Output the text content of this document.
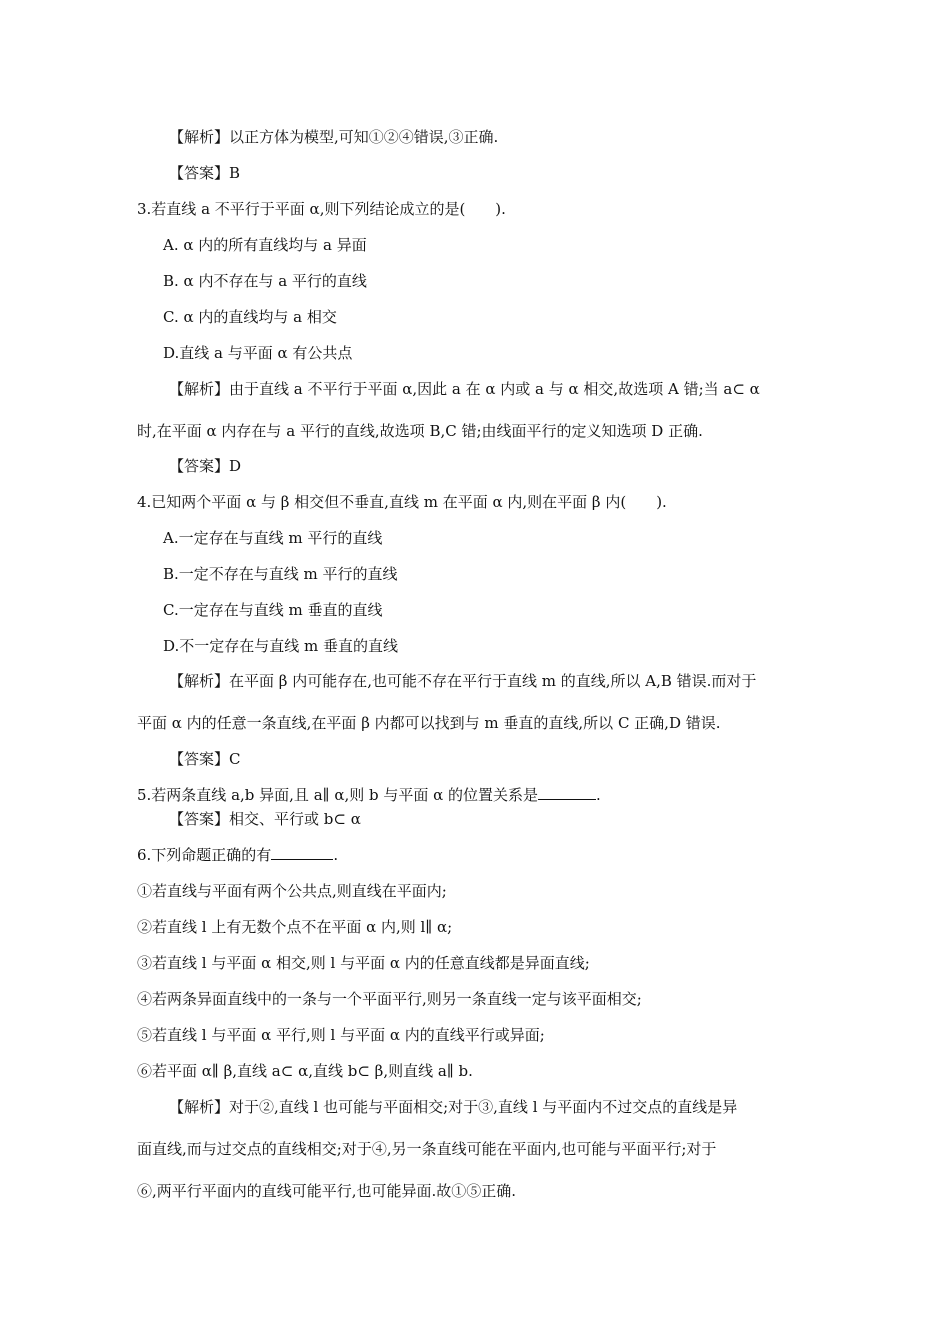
【解析】以正方体为模型,可知①②④错误,③正确.
【答案】B
3.若直线 a 不平行于平面 α,则下列结论成立的是(　　).
A. α 内的所有直线均与 a 异面
B. α 内不存在与 a 平行的直线
C. α 内的直线均与 a 相交
D.直线 a 与平面 α 有公共点
【解析】由于直线 a 不平行于平面 α,因此 a 在 α 内或 a 与 α 相交,故选项 A 错;当 a⊂ α
时,在平面 α 内存在与 a 平行的直线,故选项 B,C 错;由线面平行的定义知选项 D 正确.
【答案】D
4.已知两个平面 α 与 β 相交但不垂直,直线 m 在平面 α 内,则在平面 β 内(　　).
A.一定存在与直线 m 平行的直线
B.一定不存在与直线 m 平行的直线
C.一定存在与直线 m 垂直的直线
D.不一定存在与直线 m 垂直的直线
【解析】在平面 β 内可能存在,也可能不存在平行于直线 m 的直线,所以 A,B 错误.而对于
平面 α 内的任意一条直线,在平面 β 内都可以找到与 m 垂直的直线,所以 C 正确,D 错误.
【答案】C
5.若两条直线 a,b 异面,且 a∥ α,则 b 与平面 α 的位置关系是	.
【答案】相交、平行或 b⊂ α
6.下列命题正确的有	.
①若直线与平面有两个公共点,则直线在平面内;
②若直线 l 上有无数个点不在平面 α 内,则 l∥ α;
③若直线 l 与平面 α 相交,则 l 与平面 α 内的任意直线都是异面直线;
④若两条异面直线中的一条与一个平面平行,则另一条直线一定与该平面相交;
⑤若直线 l 与平面 α 平行,则 l 与平面 α 内的直线平行或异面;
⑥若平面 α∥ β,直线 a⊂ α,直线 b⊂ β,则直线 a∥ b.
【解析】对于②,直线 l 也可能与平面相交;对于③,直线 l 与平面内不过交点的直线是异
面直线,而与过交点的直线相交;对于④,另一条直线可能在平面内,也可能与平面平行;对于
⑥,两平行平面内的直线可能平行,也可能异面.故①⑤正确.
